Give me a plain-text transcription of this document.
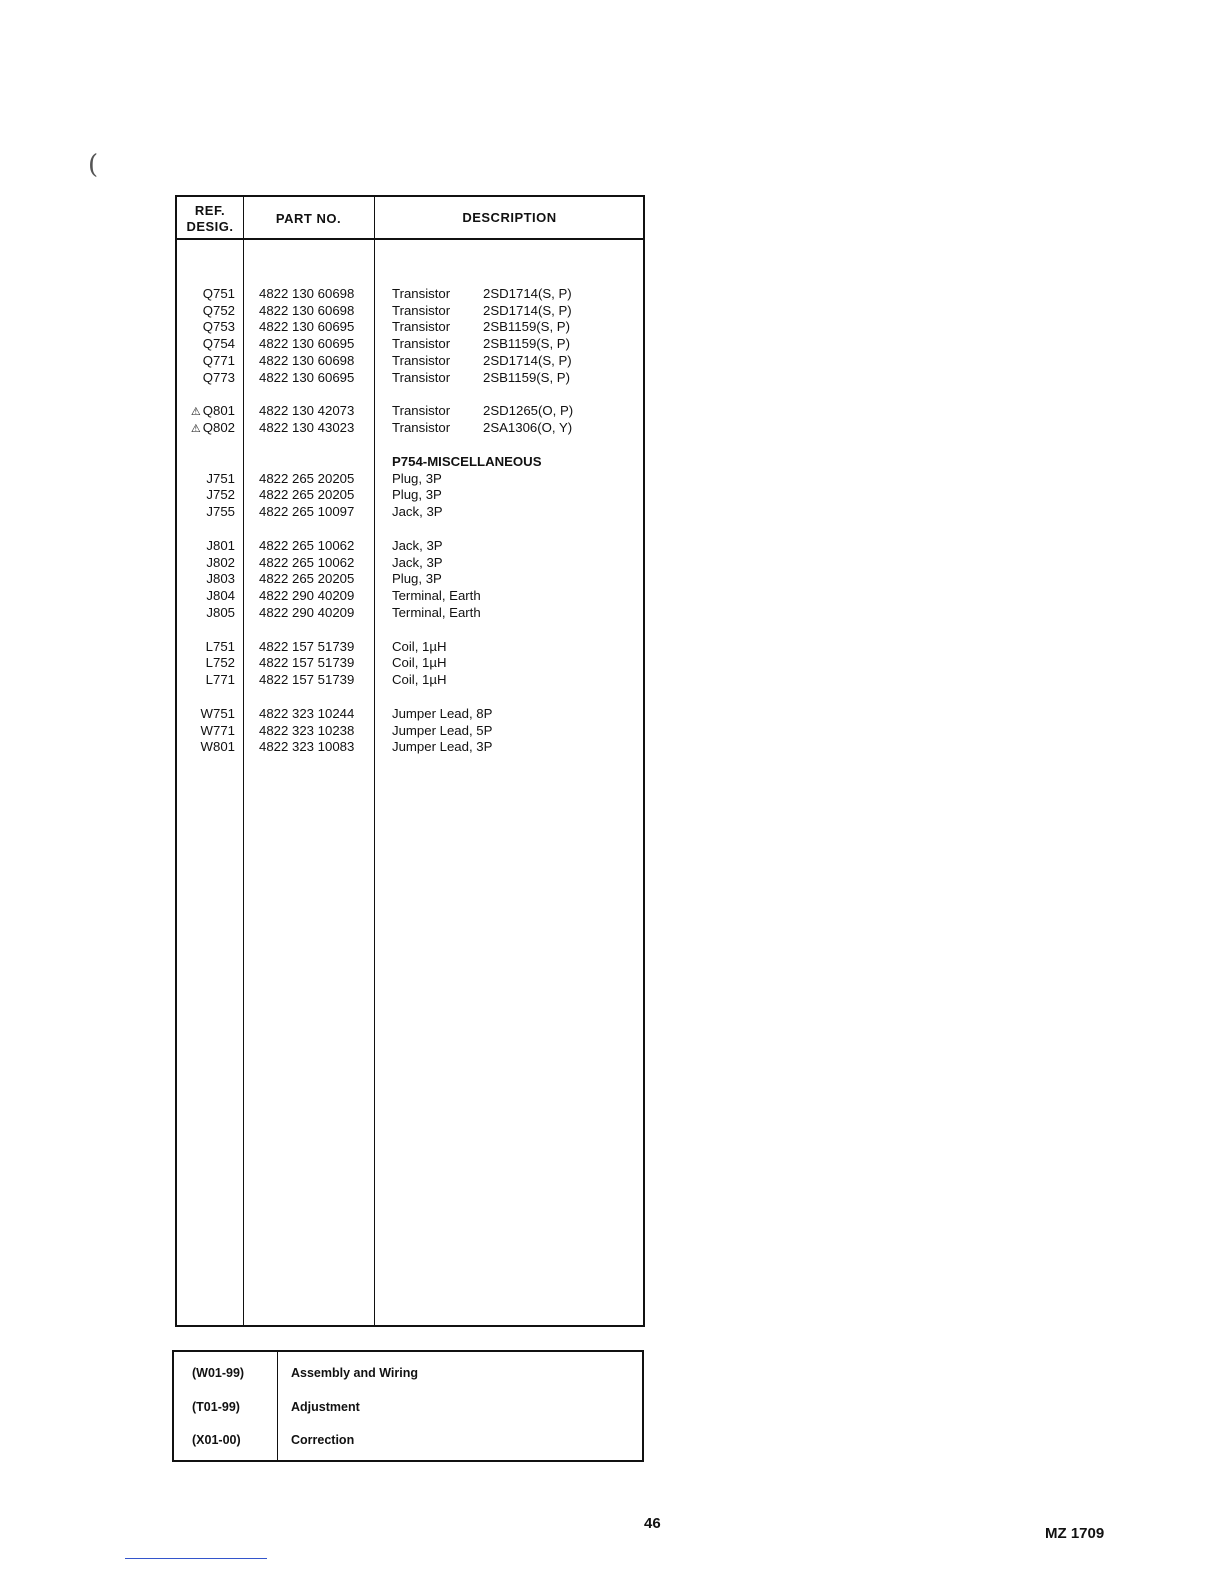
(
REF.
DESIG.
PART NO.	DESCRIPTION
Q751 4822 130 60698	Transistor 2SD1714(S, P)
Q752 4822 130 60698	Transistor 2SD1714(S, P)
Q753 4822 130 60695	Transistor 2SB1159(S, P)
Q754 4822 130 60695	Transistor 2SB1159(S, P)
Q771 4822 130 60698	Transistor 2SD1714(S, P)
Q773 4822 130 60695	Transistor 2SB1159(S, P)
⚠ Q801 4822 130 42073	Transistor 2SD1265(O, P)
⚠ Q802 4822 130 43023	Transistor 2SA1306(O, Y)
P754-MISCELLANEOUS
J751 4822 265 20205	Plug, 3P
J752 4822 265 20205	Plug, 3P
J755 4822 265 10097	Jack, 3P
J801 4822 265 10062	Jack, 3P
J802 4822 265 10062	Jack, 3P
J803 4822 265 20205	Plug, 3P
J804 4822 290 40209	Terminal, Earth
J805 4822 290 40209	Terminal, Earth
L751 4822 157 51739	Coil, 1µH
L752 4822 157 51739	Coil, 1µH
L771 4822 157 51739	Coil, 1µH
W751 4822 323 10244	Jumper Lead, 8P
W771 4822 323 10238	Jumper Lead, 5P
W801 4822 323 10083	Jumper Lead, 3P
(W01-99)	Assembly and Wiring
(T01-99)	Adjustment
(X01-00)	Correction
46
MZ 1709
